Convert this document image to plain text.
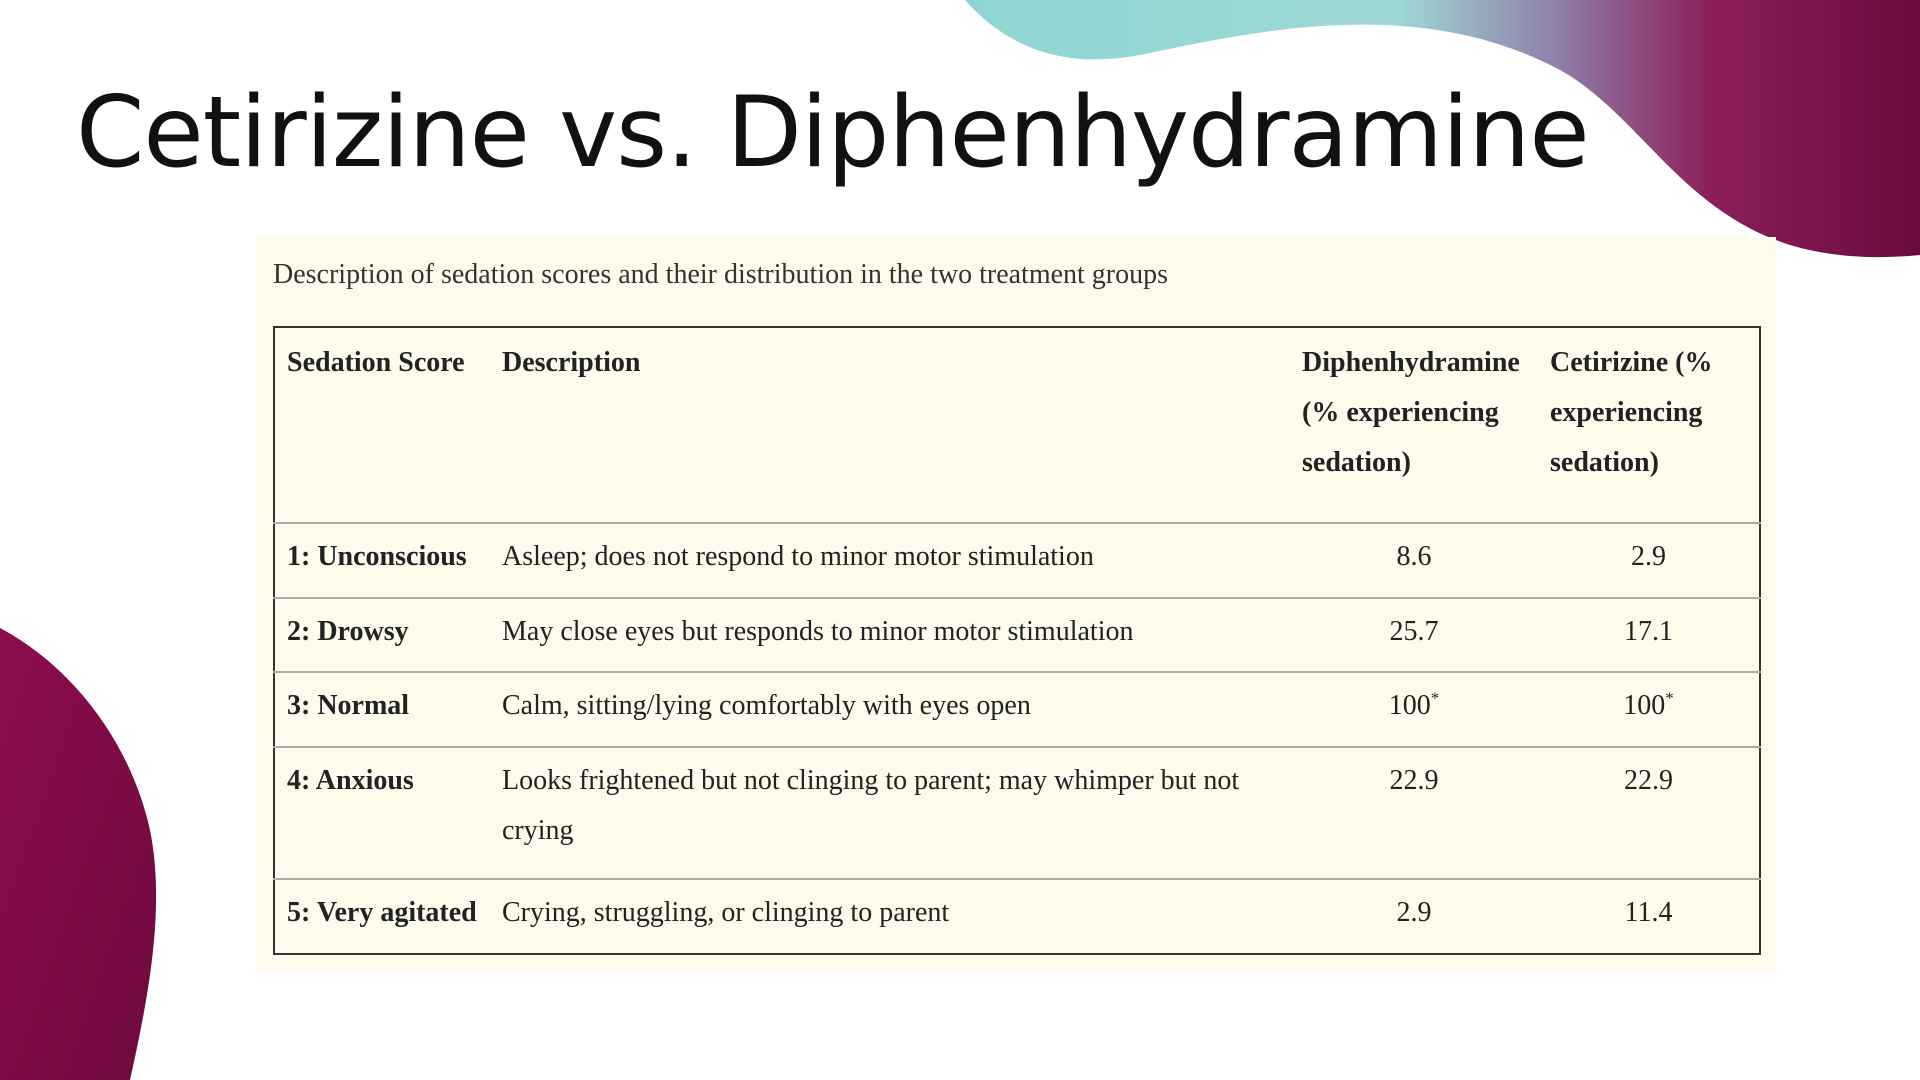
Cetirizine vs. Diphenhydramine
Description of sedation scores and their distribution in the two treatment groups
Sedation Score	Description	Diphenhydramine (% experiencing sedation)	Cetirizine (% experiencing sedation)
1: Unconscious	Asleep; does not respond to minor motor stimulation	8.6	2.9
2: Drowsy	May close eyes but responds to minor motor stimulation	25.7	17.1
3: Normal	Calm, sitting/lying comfortably with eyes open	100*	100*
4: Anxious	Looks frightened but not clinging to parent; may whimper but not crying	22.9	22.9
5: Very agitated	Crying, struggling, or clinging to parent	2.9	11.4
